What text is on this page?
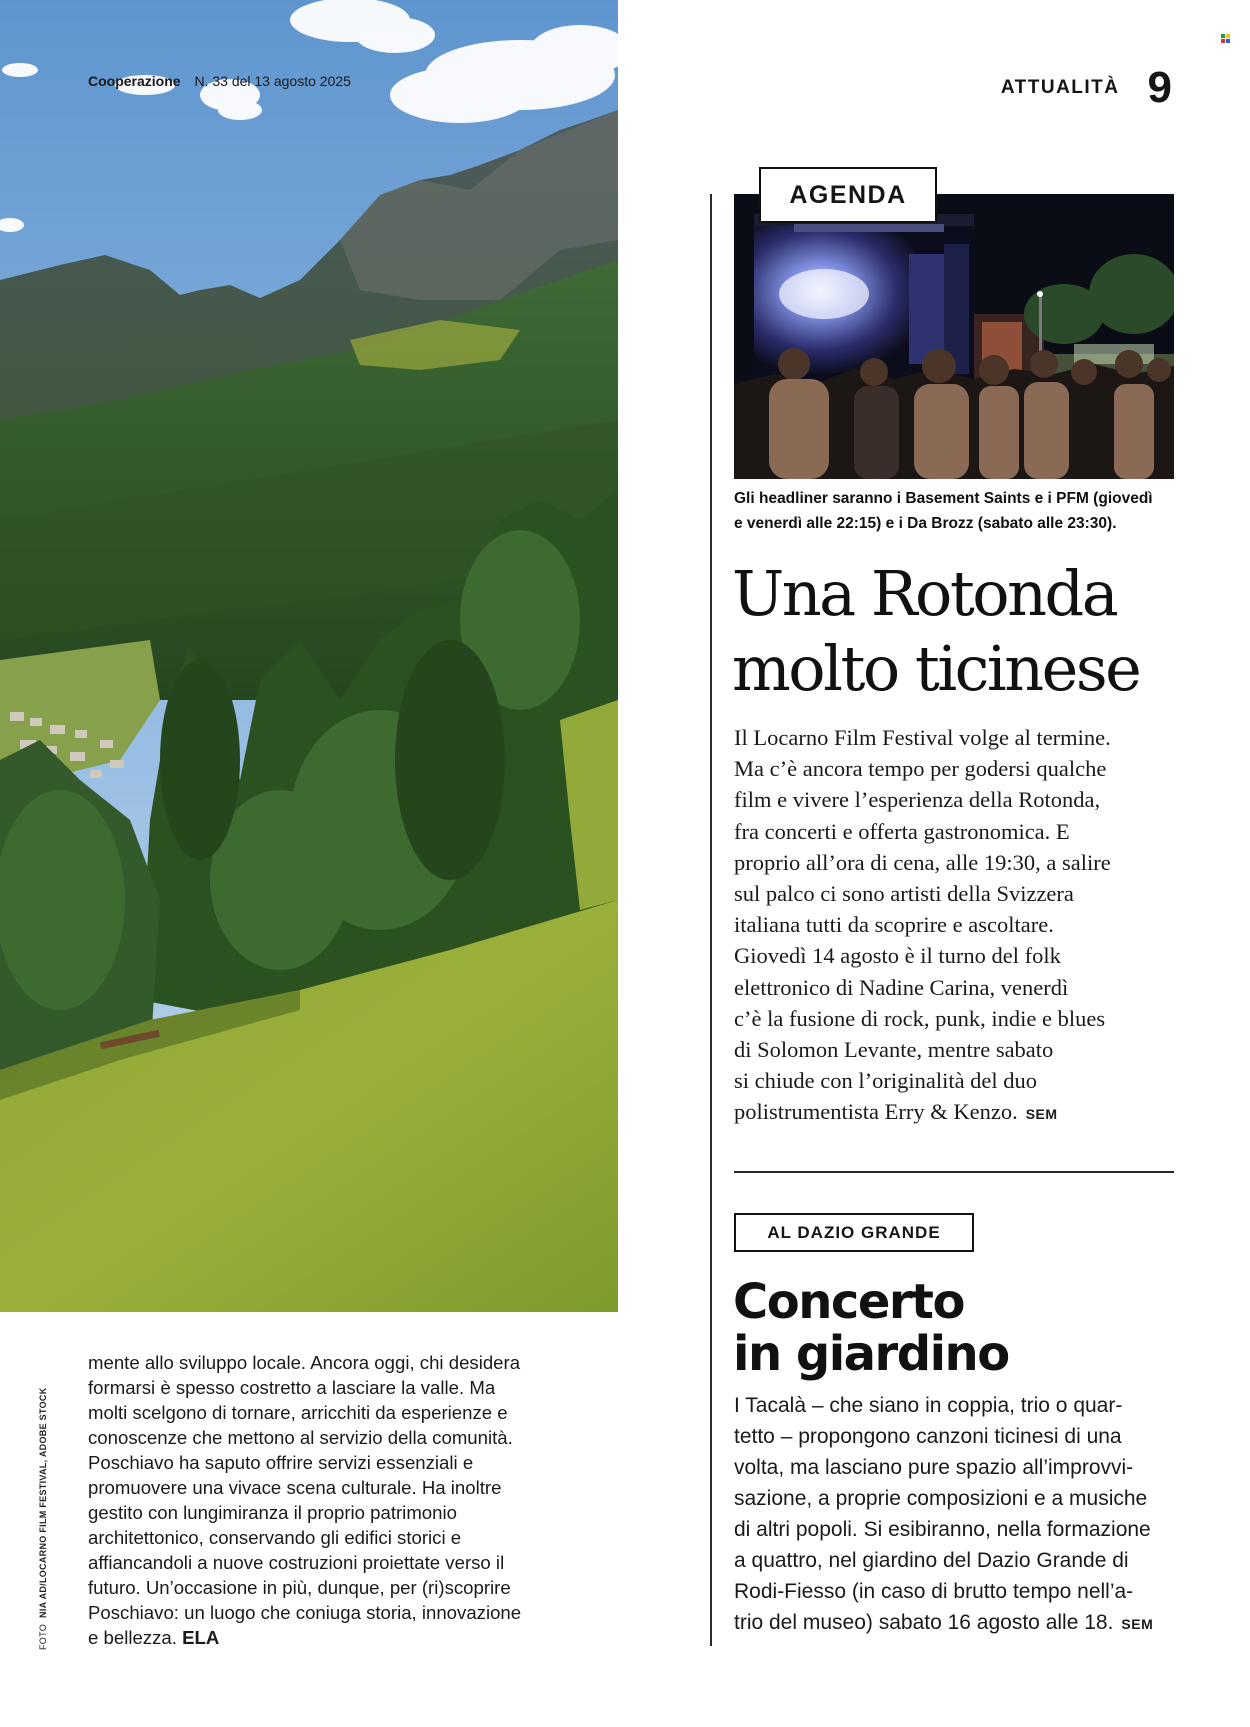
Cooperazione N. 33 del 13 agosto 2025
FOTONIA AD/LOCARNO FILM FESTIVAL, ADOBE STOCK
mente allo sviluppo locale. Ancora oggi, chi desidera
formarsi è spesso costretto a lasciare la valle. Ma
molti scelgono di tornare, arricchiti da esperienze e
conoscenze che mettono al servizio della comunità.
Poschiavo ha saputo offrire servizi essenziali e
promuovere una vivace scena culturale. Ha inoltre
gestito con lungimiranza il proprio patrimonio
architettonico, conservando gli edifici storici e
affiancandoli a nuove costruzioni proiettate verso il
futuro. Un’occasione in più, dunque, per (ri)scoprire
Poschiavo: un luogo che coniuga storia, innovazione
e bellezza. ELA
ATTUALITÀ 9
AGENDA
Gli headliner saranno i Basement Saints e i PFM (giovedì
e venerdì alle 22:15) e i Da Brozz (sabato alle 23:30).
Una Rotonda
molto ticinese
Il Locarno Film Festival volge al termine.
Ma c’è ancora tempo per godersi qualche
film e vivere l’esperienza della Rotonda,
fra concerti e offerta gastronomica. E
proprio all’ora di cena, alle 19:30, a salire
sul palco ci sono artisti della Svizzera
italiana tutti da scoprire e ascoltare.
Giovedì 14 agosto è il turno del folk
elettronico di Nadine Carina, venerdì
c’è la fusione di rock, punk, indie e blues
di Solomon Levante, mentre sabato
si chiude con l’originalità del duo
polistrumentista Erry & Kenzo. SEM
AL DAZIO GRANDE
Concerto
in giardino
I Tacalà – che siano in coppia, trio o quar-
tetto – propongono canzoni ticinesi di una
volta, ma lasciano pure spazio all’improvvi-
sazione, a proprie composizioni e a musiche
di altri popoli. Si esibiranno, nella formazione
a quattro, nel giardino del Dazio Grande di
Rodi-Fiesso (in caso di brutto tempo nell’a-
trio del museo) sabato 16 agosto alle 18. SEM
